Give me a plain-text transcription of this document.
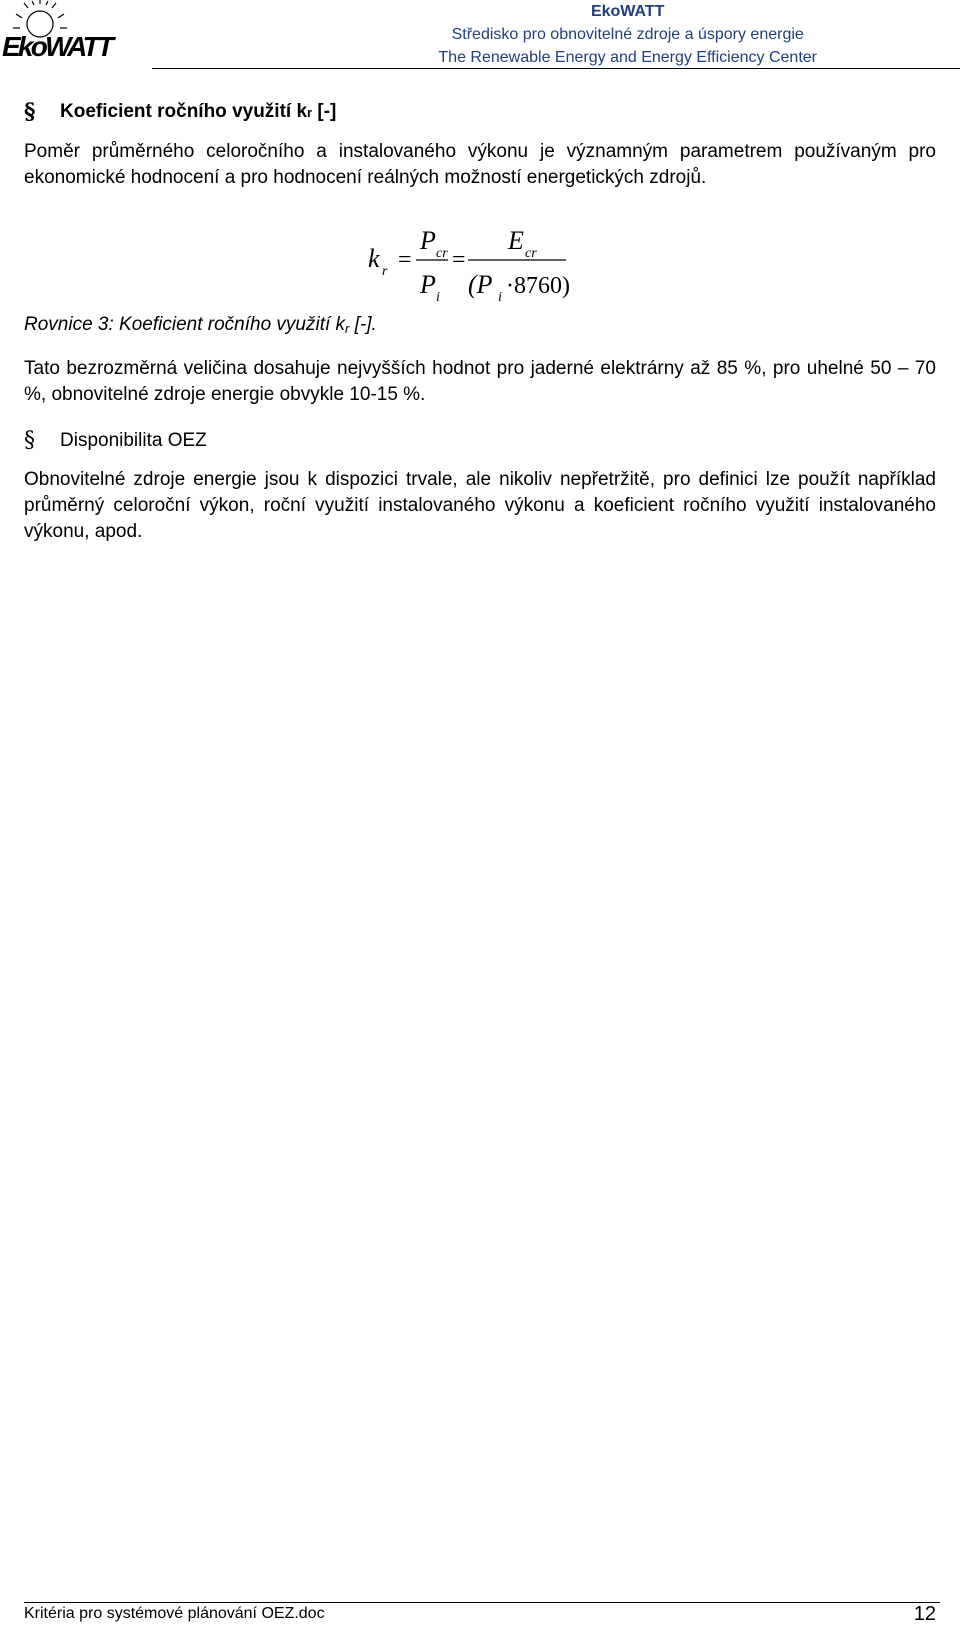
EkoWATT
EkoWATT
Středisko pro obnovitelné zdroje a úspory energie
The Renewable Energy and Energy Efficiency Center
§	Koeficient ročního využití k r [-]

Poměr průměrného celoročního a instalovaného výkonu je významným parametrem používaným pro ekonomické hodnocení a pro hodnocení reálných možností energetických zdrojů.

k r =
P cr
P i
=
E cr
(P i ·8760)
Rovnice 3: Koeficient ročního využití $k_r$ [-].

Tato bezrozměrná veličina dosahuje nejvyšších hodnot pro jaderné elektrárny až 85 %, pro uhelné 50 – 70 %, obnovitelné zdroje energie obvykle 10-15 %.

§	Disponibilita OEZ

Obnovitelné zdroje energie jsou k dispozici trvale, ale nikoliv nepřetržitě, pro definici lze použít například průměrný celoroční výkon, roční využití instalovaného výkonu a koeficient ročního využití instalovaného výkonu, apod.

Kritéria pro systémové plánování OEZ.doc	12
